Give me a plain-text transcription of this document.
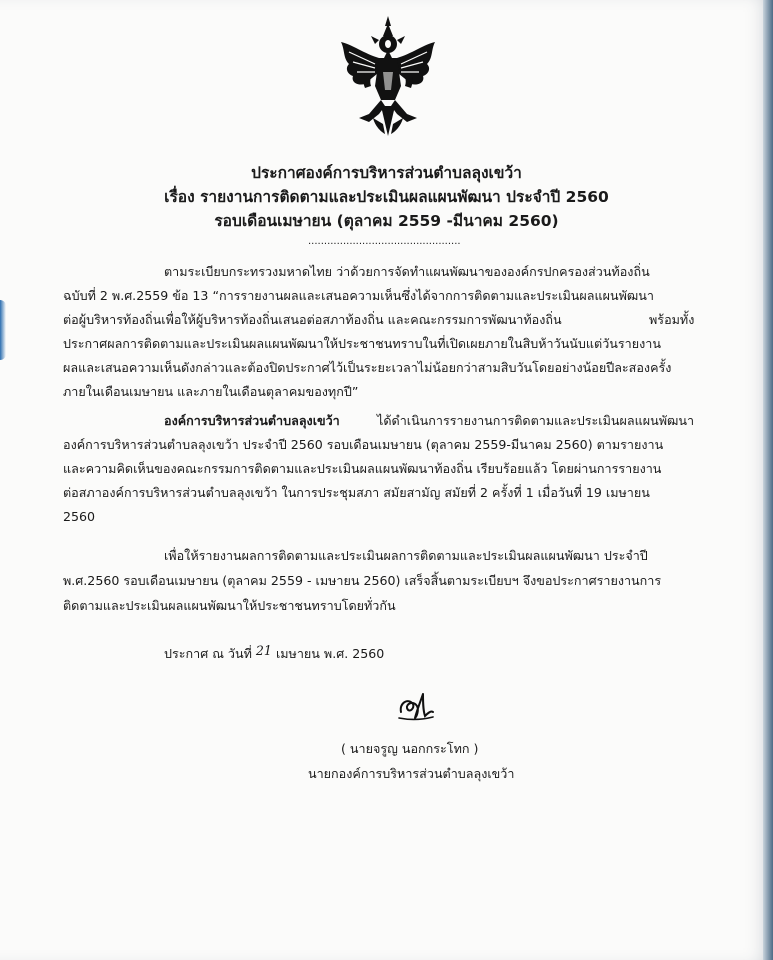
ประกาศองค์การบริหารส่วนตำบลลุงเขว้า
เรื่อง รายงานการติดตามและประเมินผลแผนพัฒนา ประจำปี 2560
รอบเดือนเมษายน (ตุลาคม 2559 -มีนาคม 2560)
................................................
ตามระเบียบกระทรวงมหาดไทย ว่าด้วยการจัดทำแผนพัฒนาขององค์กรปกครองส่วนท้องถิ่น
ฉบับที่ 2 พ.ศ.2559 ข้อ 13 “การรายงานผลและเสนอความเห็นซึ่งได้จากการติดตามและประเมินผลแผนพัฒนา
ต่อผู้บริหารท้องถิ่นเพื่อให้ผู้บริหารท้องถิ่นเสนอต่อสภาท้องถิ่น และคณะกรรมการพัฒนาท้องถิ่น	พร้อมทั้ง
ประกาศผลการติดตามและประเมินผลแผนพัฒนาให้ประชาชนทราบในที่เปิดเผยภายในสิบห้าวันนับแต่วันรายงาน
ผลและเสนอความเห็นดังกล่าวและต้องปิดประกาศไว้เป็นระยะเวลาไม่น้อยกว่าสามสิบวันโดยอย่างน้อยปีละสองครั้ง
ภายในเดือนเมษายน และภายในเดือนตุลาคมของทุกปี”
องค์การบริหารส่วนตำบลลุงเขว้า	ได้ดำเนินการรายงานการติดตามและประเมินผลแผนพัฒนา
องค์การบริหารส่วนตำบลลุงเขว้า ประจำปี 2560 รอบเดือนเมษายน (ตุลาคม 2559-มีนาคม 2560) ตามรายงาน
และความคิดเห็นของคณะกรรมการติดตามและประเมินผลแผนพัฒนาท้องถิ่น เรียบร้อยแล้ว โดยผ่านการรายงาน
ต่อสภาองค์การบริหารส่วนตำบลลุงเขว้า ในการประชุมสภา สมัยสามัญ สมัยที่ 2 ครั้งที่ 1 เมื่อวันที่ 19 เมษายน
2560
เพื่อให้รายงานผลการติดตามและประเมินผลการติดตามและประเมินผลแผนพัฒนา ประจำปี
พ.ศ.2560 รอบเดือนเมษายน (ตุลาคม 2559 - เมษายน 2560) เสร็จสิ้นตามระเบียบฯ จึงขอประกาศรายงานการ
ติดตามและประเมินผลแผนพัฒนาให้ประชาชนทราบโดยทั่วกัน
ประกาศ ณ วันที่ 21 เมษายน พ.ศ. 2560
( นายจรูญ นอกกระโทก )
นายกองค์การบริหารส่วนตำบลลุงเขว้า
